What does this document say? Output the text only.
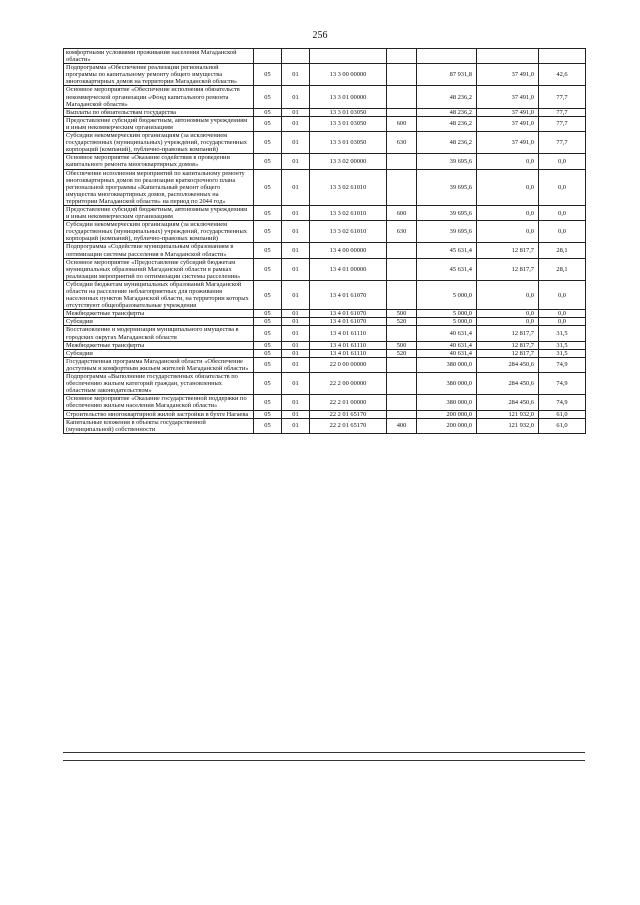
256
комфортными условиями проживания населения Магаданской области»							
Подпрограмма «Обеспечение реализации региональной программы по капитальному ремонту общего имущества многоквартирных домов на территории Магаданской области»	05	01	13 3 00 00000		87 931,8	37 491,0	42,6
Основное мероприятие «Обеспечение исполнения обязательств некоммерческой организации «Фонд капитального ремонта Магаданской области»	05	01	13 3 01 00000		48 236,2	37 491,0	77,7
Выплаты по обязательствам государства	05	01	13 3 01 03050		48 236,2	37 491,0	77,7
Предоставление субсидий бюджетным, автономным учреждениям и иным некоммерческим организациям	05	01	13 3 01 03050	600	48 236,2	37 491,0	77,7
Субсидии некоммерческим организациям (за исключением государственных (муниципальных) учреждений, государственных корпораций (компаний), публично-правовых компаний)	05	01	13 3 01 03050	630	48 236,2	37 491,0	77,7
Основное мероприятие «Оказание содействия в проведении капитального ремонта многоквартирных домов»	05	01	13 3 02 00000		39 695,6	0,0	0,0
Обеспечение исполнения мероприятий по капитальному ремонту многоквартирных домов по реализации краткосрочного плана региональной программы «Капитальный ремонт общего имущества многоквартирных домов, расположенных на территории Магаданской области» на период по 2044 год»	05	01	13 3 02 61010		39 695,6	0,0	0,0
Предоставление субсидий бюджетным, автономным учреждениям и иным некоммерческим организациям	05	01	13 3 02 61010	600	39 695,6	0,0	0,0
Субсидии некоммерческим организациям (за исключением государственных (муниципальных) учреждений, государственных корпораций (компаний), публично-правовых компаний)	05	01	13 3 02 61010	630	39 695,6	0,0	0,0
Подпрограмма «Содействие муниципальным образованиям в оптимизации системы расселения в Магаданской области»	05	01	13 4 00 00000		45 631,4	12 817,7	28,1
Основное мероприятие «Предоставление субсидий бюджетам муниципальных образований Магаданской области в рамках реализации мероприятий по оптимизации системы расселения»	05	01	13 4 01 00000		45 631,4	12 817,7	28,1
Субсидии бюджетам муниципальных образований Магаданской области на расселение неблагоприятных для проживания населенных пунктов Магаданской области, на территории которых отсутствуют общеобразовательные учреждения	05	01	13 4 01 61070		5 000,0	0,0	0,0
Межбюджетные трансферты	05	01	13 4 01 61070	500	5 000,0	0,0	0,0
Субсидии	05	01	13 4 01 61070	520	5 000,0	0,0	0,0
Восстановление и модернизация муниципального имущества в городских округах Магаданской области	05	01	13 4 01 61110		40 631,4	12 817,7	31,5
Межбюджетные трансферты	05	01	13 4 01 61110	500	40 631,4	12 817,7	31,5
Субсидии	05	01	13 4 01 61110	520	40 631,4	12 817,7	31,5
Государственная программа Магаданской области «Обеспечение доступным и комфортным жильем жителей Магаданской области»	05	01	22 0 00 00000		380 000,0	284 450,6	74,9
Подпрограмма «Выполнение государственных обязательств по обеспечению жильем категорий граждан, установленных областным законодательством»	05	01	22 2 00 00000		380 000,0	284 450,6	74,9
Основное мероприятие «Оказание государственной поддержки по обеспечению жильем населения Магаданской области»	05	01	22 2 01 00000		380 000,0	284 450,6	74,9
Строительство многоквартирной жилой застройки в бухте Нагаева	05	01	22 2 01 65170		200 000,0	121 932,0	61,0
Капитальные вложения в объекты государственной (муниципальной) собственности	05	01	22 2 01 65170	400	200 000,0	121 932,0	61,0
